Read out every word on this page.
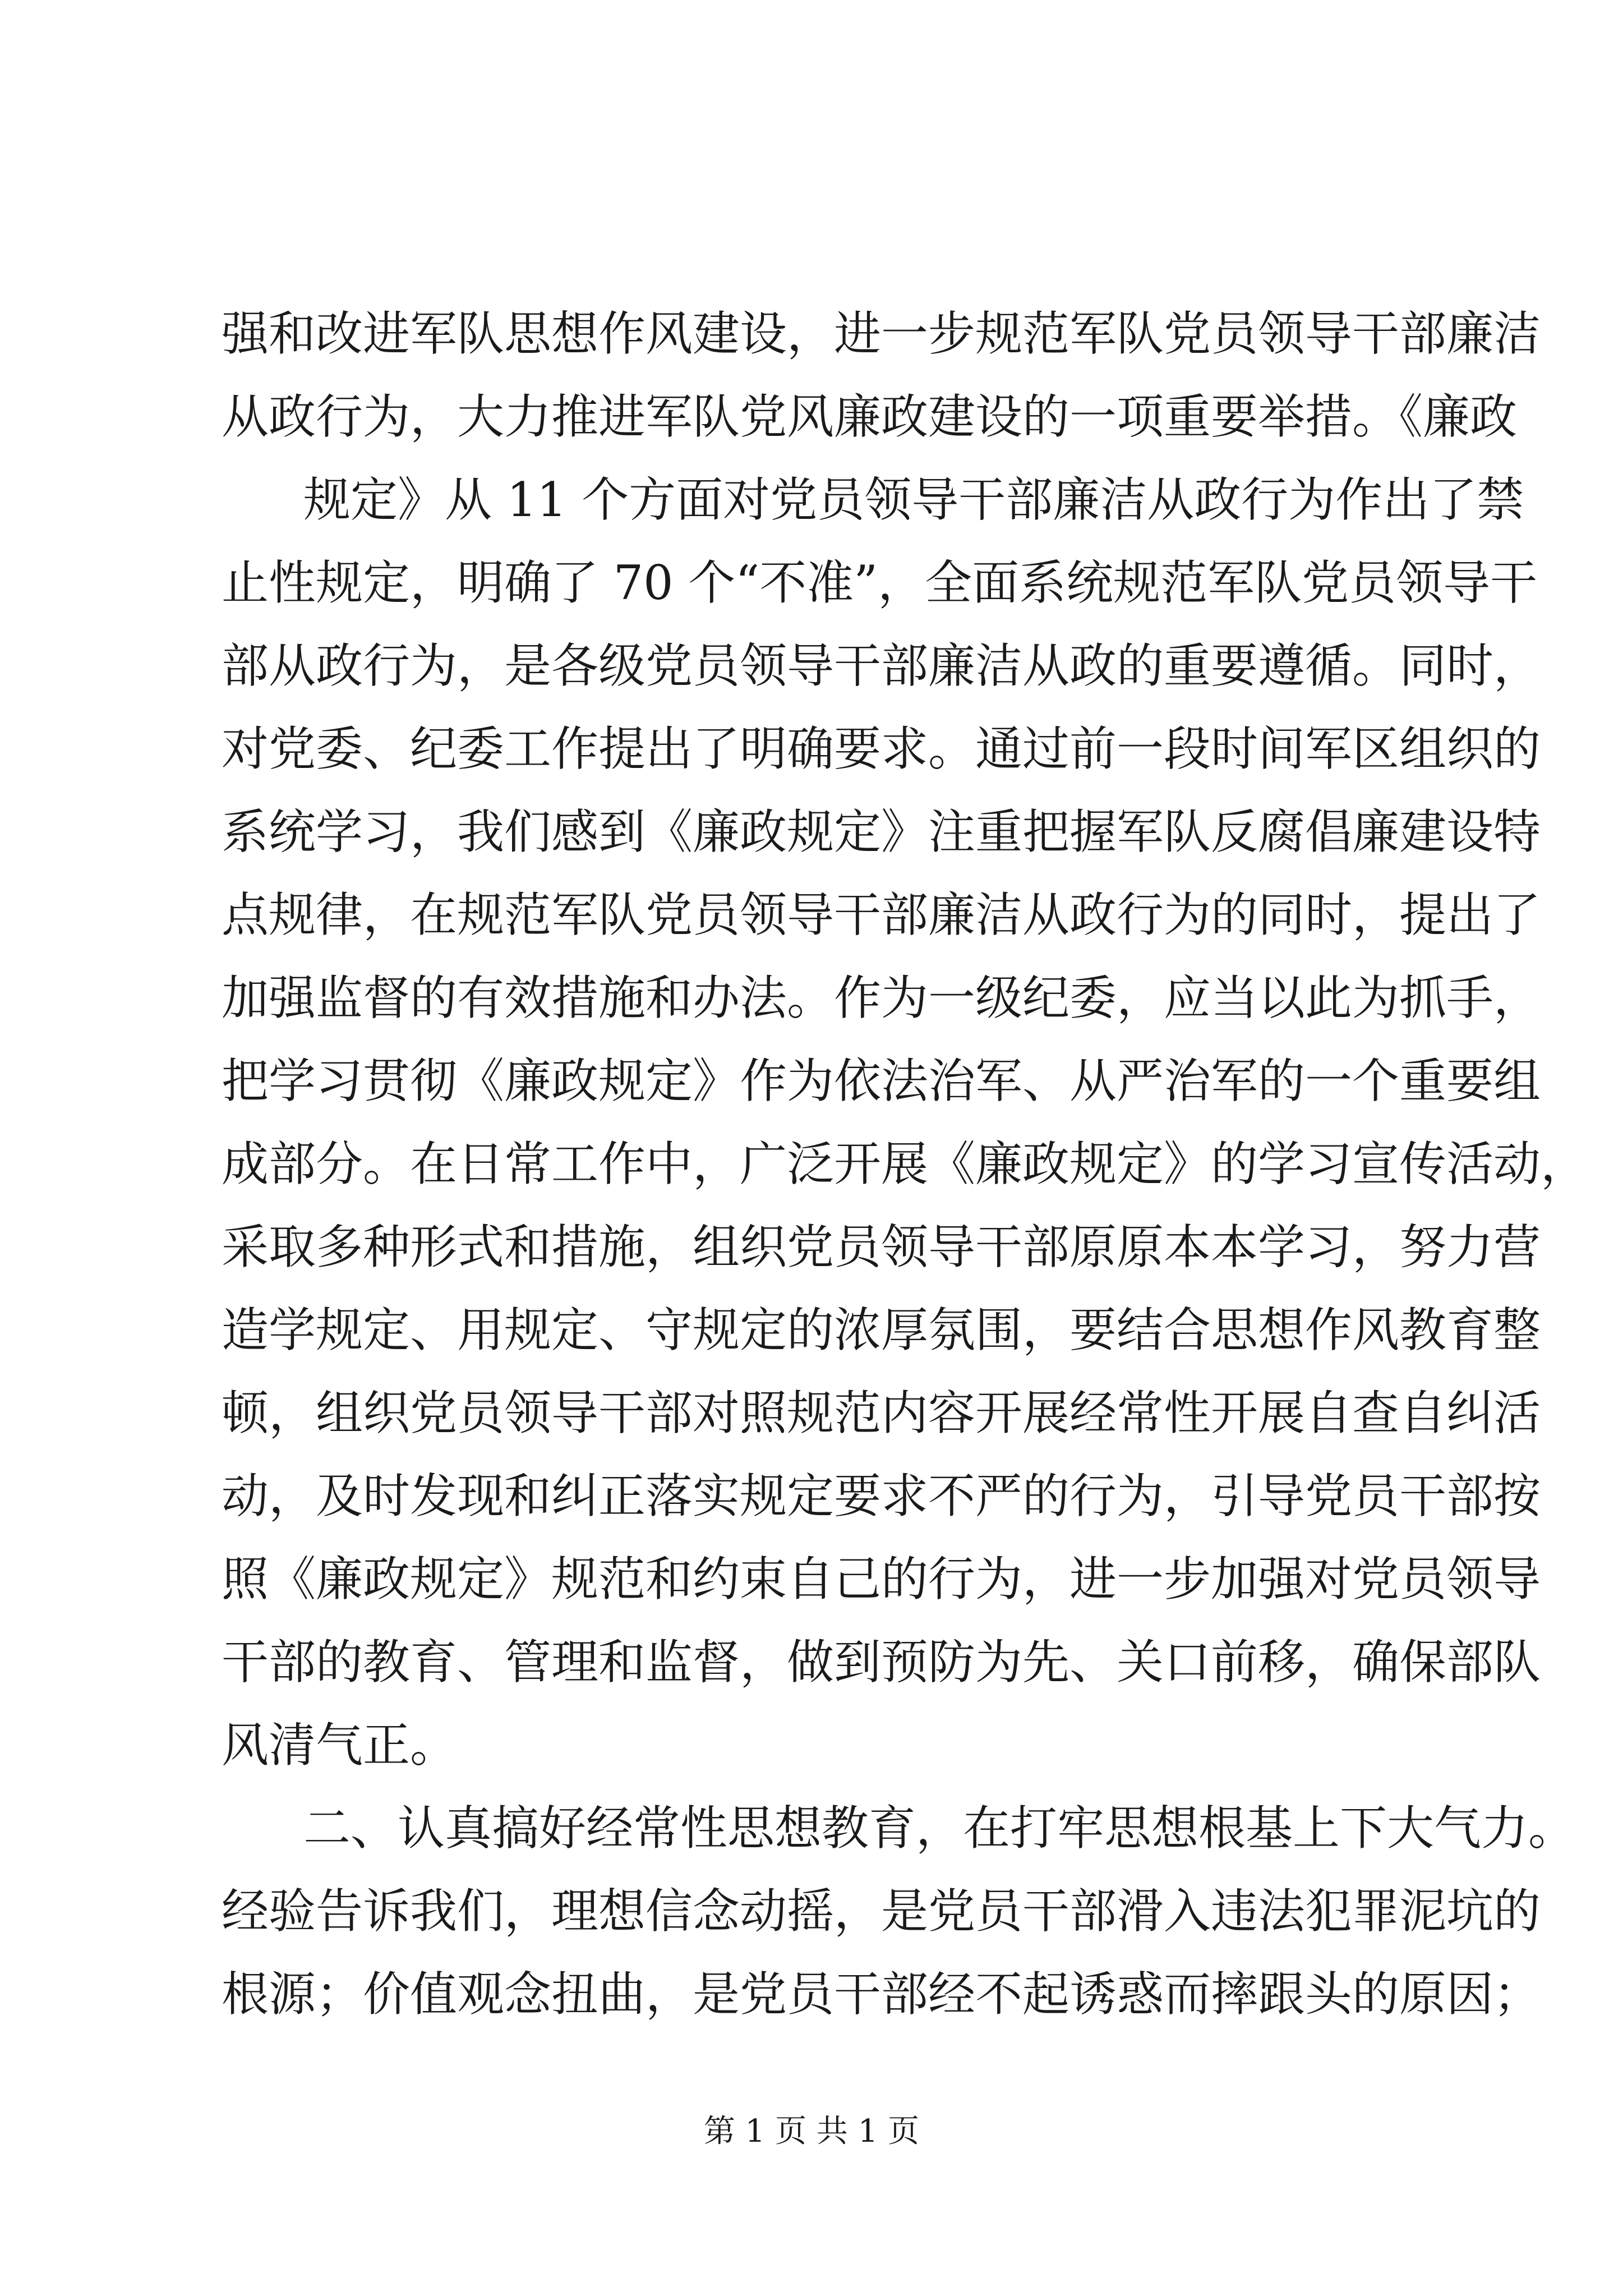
强和改进军队思想作风建设，进一步规范军队党员领导干部廉洁

从政行为，大力推进军队党风廉政建设的一项重要举措。《廉政

规定》从 11 个方面对党员领导干部廉洁从政行为作出了禁

止性规定，明确了 70 个“不准”，全面系统规范军队党员领导干

部从政行为，是各级党员领导干部廉洁从政的重要遵循。同时，

对党委、纪委工作提出了明确要求。通过前一段时间军区组织的

系统学习，我们感到《廉政规定》注重把握军队反腐倡廉建设特

点规律，在规范军队党员领导干部廉洁从政行为的同时，提出了

加强监督的有效措施和办法。作为一级纪委，应当以此为抓手，

把学习贯彻《廉政规定》作为依法治军、从严治军的一个重要组

成部分。在日常工作中，广泛开展《廉政规定》的学习宣传活动，

采取多种形式和措施，组织党员领导干部原原本本学习，努力营

造学规定、用规定、守规定的浓厚氛围，要结合思想作风教育整

顿，组织党员领导干部对照规范内容开展经常性开展自查自纠活

动，及时发现和纠正落实规定要求不严的行为，引导党员干部按

照《廉政规定》规范和约束自己的行为，进一步加强对党员领导

干部的教育、管理和监督，做到预防为先、关口前移，确保部队

风清气正。

二、认真搞好经常性思想教育，在打牢思想根基上下大气力。

经验告诉我们，理想信念动摇，是党员干部滑入违法犯罪泥坑的

根源；价值观念扭曲，是党员干部经不起诱惑而摔跟头的原因；

第 1 页 共 1 页
